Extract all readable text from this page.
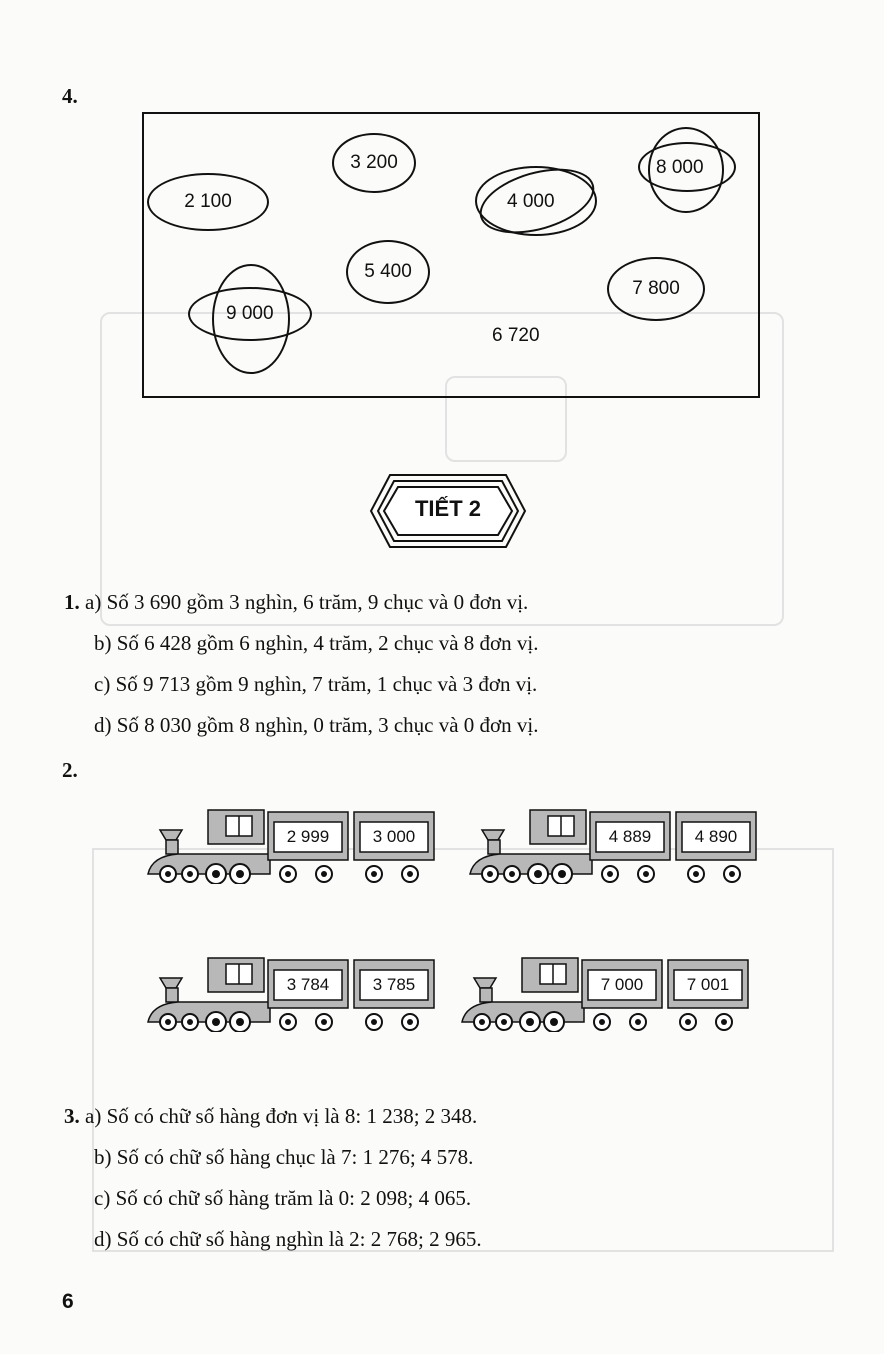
4.
2 100
3 200
4 000
8 000
5 400
7 800
9 000
6 720
TIẾT 2
1. a) Số 3 690 gồm 3 nghìn, 6 trăm, 9 chục và 0 đơn vị.
b) Số 6 428 gồm 6 nghìn, 4 trăm, 2 chục và 8 đơn vị.
c) Số 9 713 gồm 9 nghìn, 7 trăm, 1 chục và 3 đơn vị.
d) Số 8 030 gồm 8 nghìn, 0 trăm, 3 chục và 0 đơn vị.
2.
2 999	3 000	4 889	4 890
3 784	3 785	7 000	7 001
3. a) Số có chữ số hàng đơn vị là 8: 1 238; 2 348.
b) Số có chữ số hàng chục là 7: 1 276; 4 578.
c) Số có chữ số hàng trăm là 0: 2 098; 4 065.
d) Số có chữ số hàng nghìn là 2: 2 768; 2 965.
6
